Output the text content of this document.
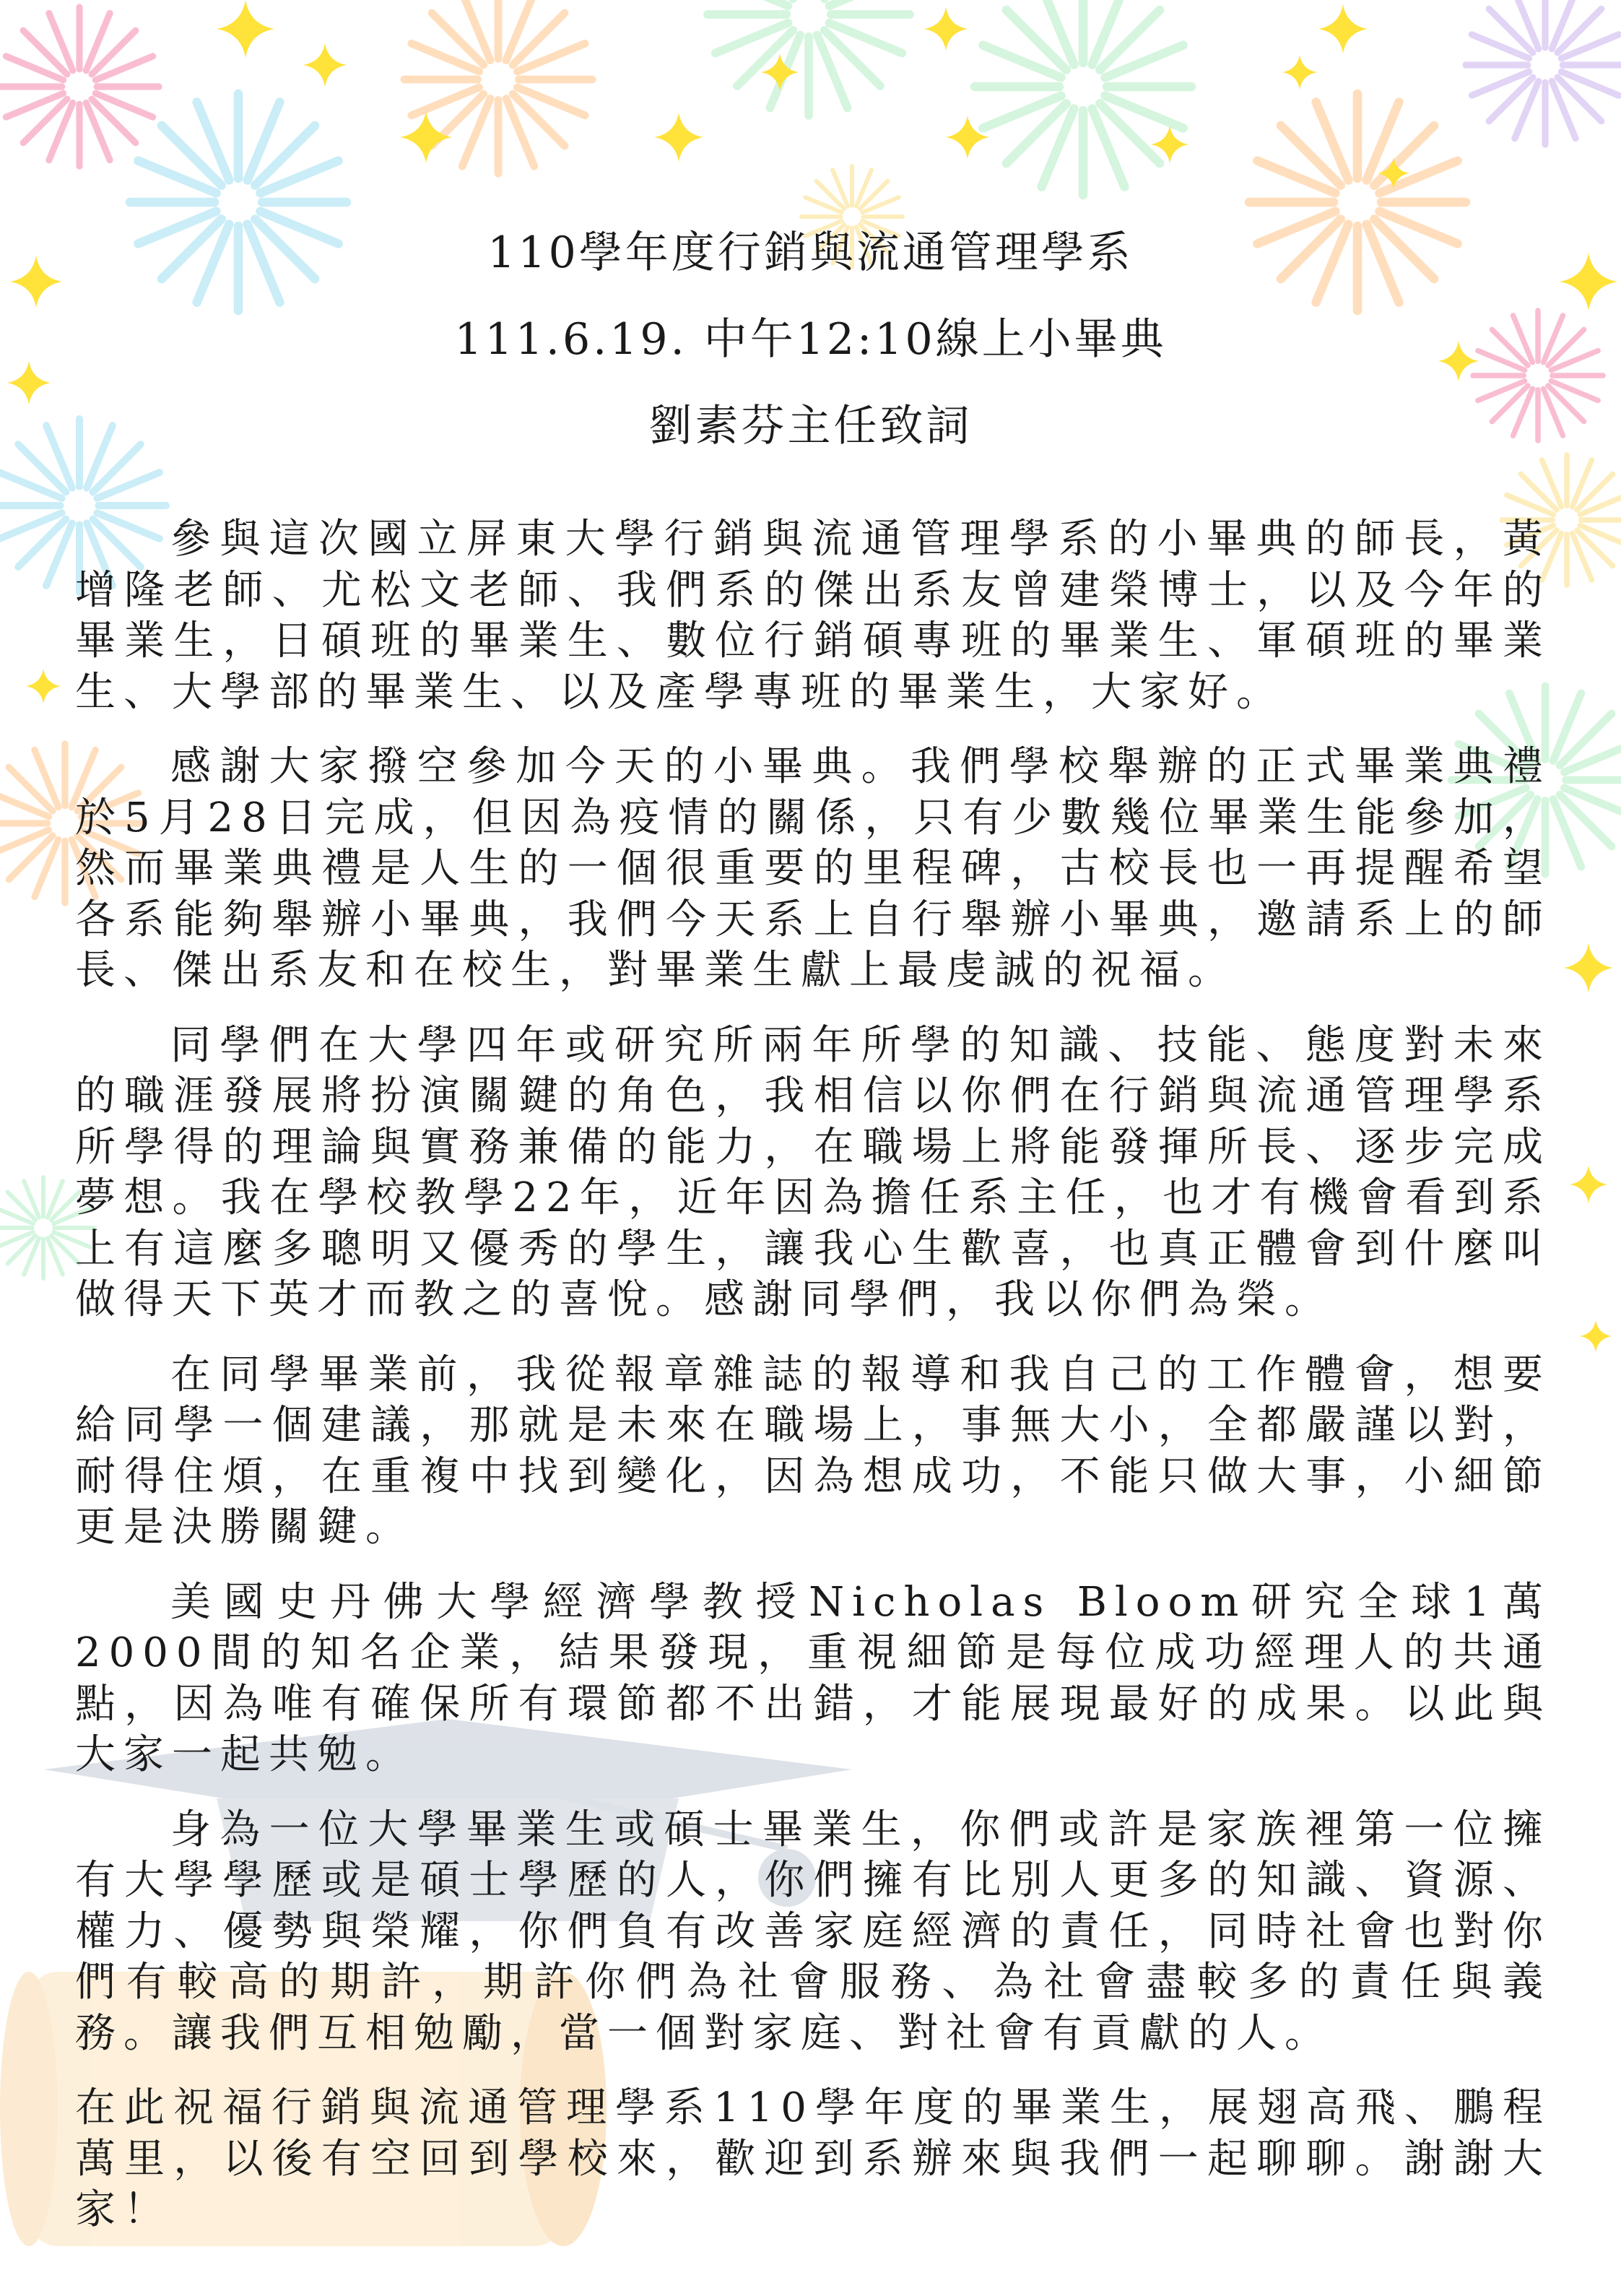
110學年度行銷與流通管理學系
111.6.19. 中午12:10線上小畢典
劉素芬主任致詞

參與這次國立屏東大學行銷與流通管理學系的小畢典的師長，黃增隆老師、尤松文老師、我們系的傑出系友曾建榮博士，以及今年的畢業生，日碩班的畢業生、數位行銷碩專班的畢業生、軍碩班的畢業生、大學部的畢業生、以及產學專班的畢業生，大家好。

感謝大家撥空參加今天的小畢典。我們學校舉辦的正式畢業典禮於5月28日完成，但因為疫情的關係，只有少數幾位畢業生能參加，然而畢業典禮是人生的一個很重要的里程碑，古校長也一再提醒希望各系能夠舉辦小畢典，我們今天系上自行舉辦小畢典，邀請系上的師長、傑出系友和在校生，對畢業生獻上最虔誠的祝福。

同學們在大學四年或研究所兩年所學的知識、技能、態度對未來的職涯發展將扮演關鍵的角色，我相信以你們在行銷與流通管理學系所學得的理論與實務兼備的能力，在職場上將能發揮所長、逐步完成夢想。我在學校教學22年，近年因為擔任系主任，也才有機會看到系上有這麼多聰明又優秀的學生，讓我心生歡喜，也真正體會到什麼叫做得天下英才而教之的喜悅。感謝同學們，我以你們為榮。

在同學畢業前，我從報章雜誌的報導和我自己的工作體會，想要給同學一個建議，那就是未來在職場上，事無大小，全都嚴謹以對，耐得住煩，在重複中找到變化，因為想成功，不能只做大事，小細節更是決勝關鍵。

美國史丹佛大學經濟學教授Nicholas Bloom研究全球1萬2000間的知名企業，結果發現，重視細節是每位成功經理人的共通點，因為唯有確保所有環節都不出錯，才能展現最好的成果。以此與大家一起共勉。

身為一位大學畢業生或碩士畢業生，你們或許是家族裡第一位擁有大學學歷或是碩士學歷的人，你們擁有比別人更多的知識、資源、權力、優勢與榮耀，你們負有改善家庭經濟的責任，同時社會也對你們有較高的期許，期許你們為社會服務、為社會盡較多的責任與義務。讓我們互相勉勵，當一個對家庭、對社會有貢獻的人。

在此祝福行銷與流通管理學系110學年度的畢業生，展翅高飛、鵬程萬里，以後有空回到學校來，歡迎到系辦來與我們一起聊聊。謝謝大家！
